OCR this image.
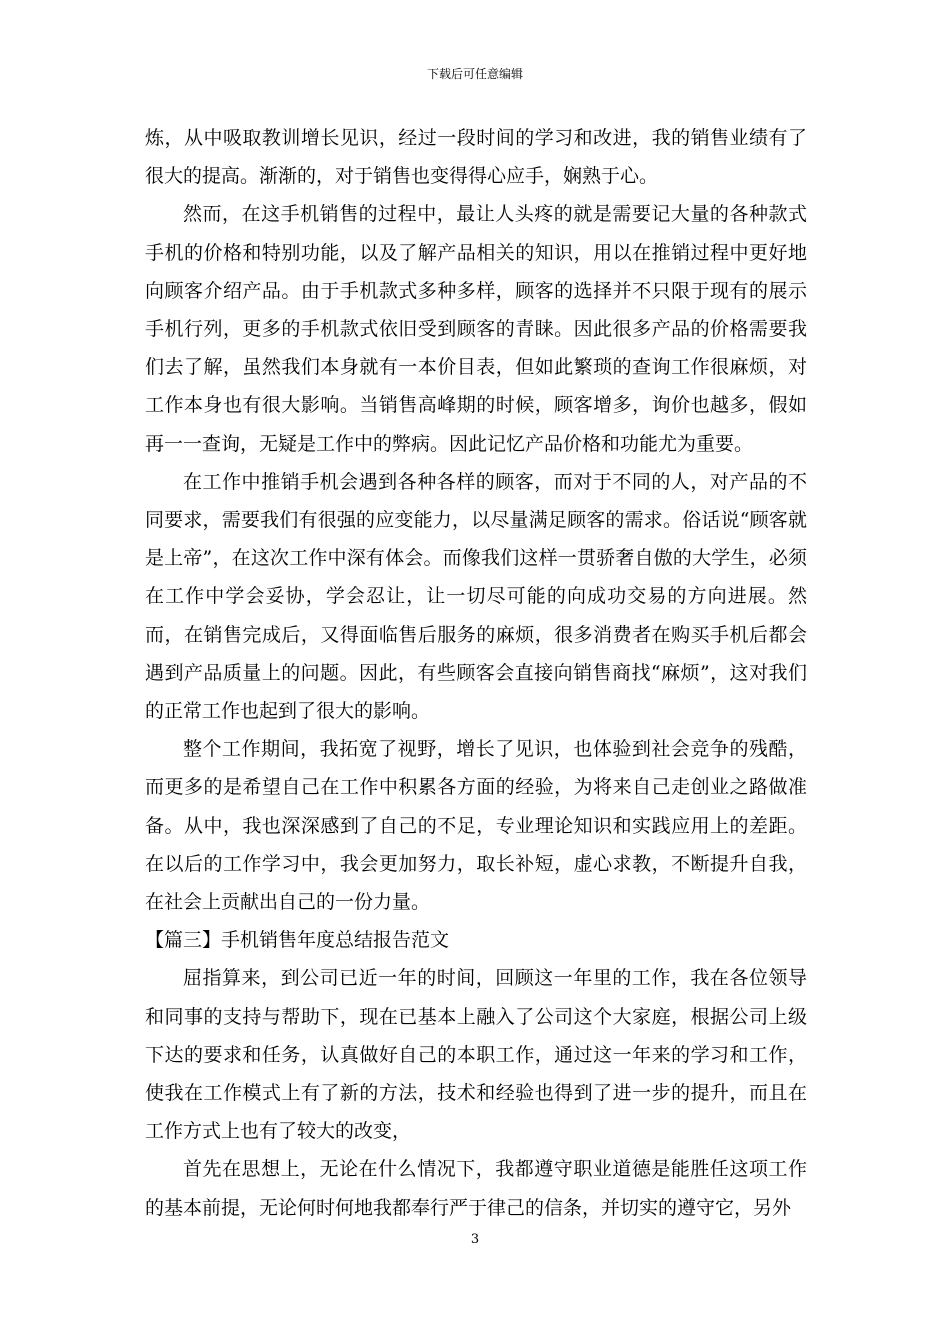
下载后可任意编辑

炼，从中吸取教训增长见识，经过一段时间的学习和改进，我的销售业绩有了很大的提高。渐渐的，对于销售也变得得心应手，娴熟于心。

然而，在这手机销售的过程中，最让人头疼的就是需要记大量的各种款式手机的价格和特别功能，以及了解产品相关的知识，用以在推销过程中更好地向顾客介绍产品。由于手机款式多种多样，顾客的选择并不只限于现有的展示手机行列，更多的手机款式依旧受到顾客的青睐。因此很多产品的价格需要我们去了解，虽然我们本身就有一本价目表，但如此繁琐的查询工作很麻烦，对工作本身也有很大影响。当销售高峰期的时候，顾客增多，询价也越多，假如再一一查询，无疑是工作中的弊病。因此记忆产品价格和功能尤为重要。

在工作中推销手机会遇到各种各样的顾客，而对于不同的人，对产品的不同要求，需要我们有很强的应变能力，以尽量满足顾客的需求。俗话说“顾客就是上帝”，在这次工作中深有体会。而像我们这样一贯骄奢自傲的大学生，必须在工作中学会妥协，学会忍让，让一切尽可能的向成功交易的方向进展。然而，在销售完成后，又得面临售后服务的麻烦，很多消费者在购买手机后都会遇到产品质量上的问题。因此，有些顾客会直接向销售商找“麻烦”，这对我们的正常工作也起到了很大的影响。

整个工作期间，我拓宽了视野，增长了见识，也体验到社会竞争的残酷，而更多的是希望自己在工作中积累各方面的经验，为将来自己走创业之路做准备。从中，我也深深感到了自己的不足，专业理论知识和实践应用上的差距。在以后的工作学习中，我会更加努力，取长补短，虚心求教，不断提升自我，在社会上贡献出自己的一份力量。

【篇三】手机销售年度总结报告范文

屈指算来，到公司已近一年的时间，回顾这一年里的工作，我在各位领导和同事的支持与帮助下，现在已基本上融入了公司这个大家庭，根据公司上级下达的要求和任务，认真做好自己的本职工作，通过这一年来的学习和工作，使我在工作模式上有了新的方法，技术和经验也得到了进一步的提升，而且在工作方式上也有了较大的改变，

首先在思想上，无论在什么情况下，我都遵守职业道德是能胜任这项工作的基本前提，无论何时何地我都奉行严于律己的信条，并切实的遵守它，另外

3
